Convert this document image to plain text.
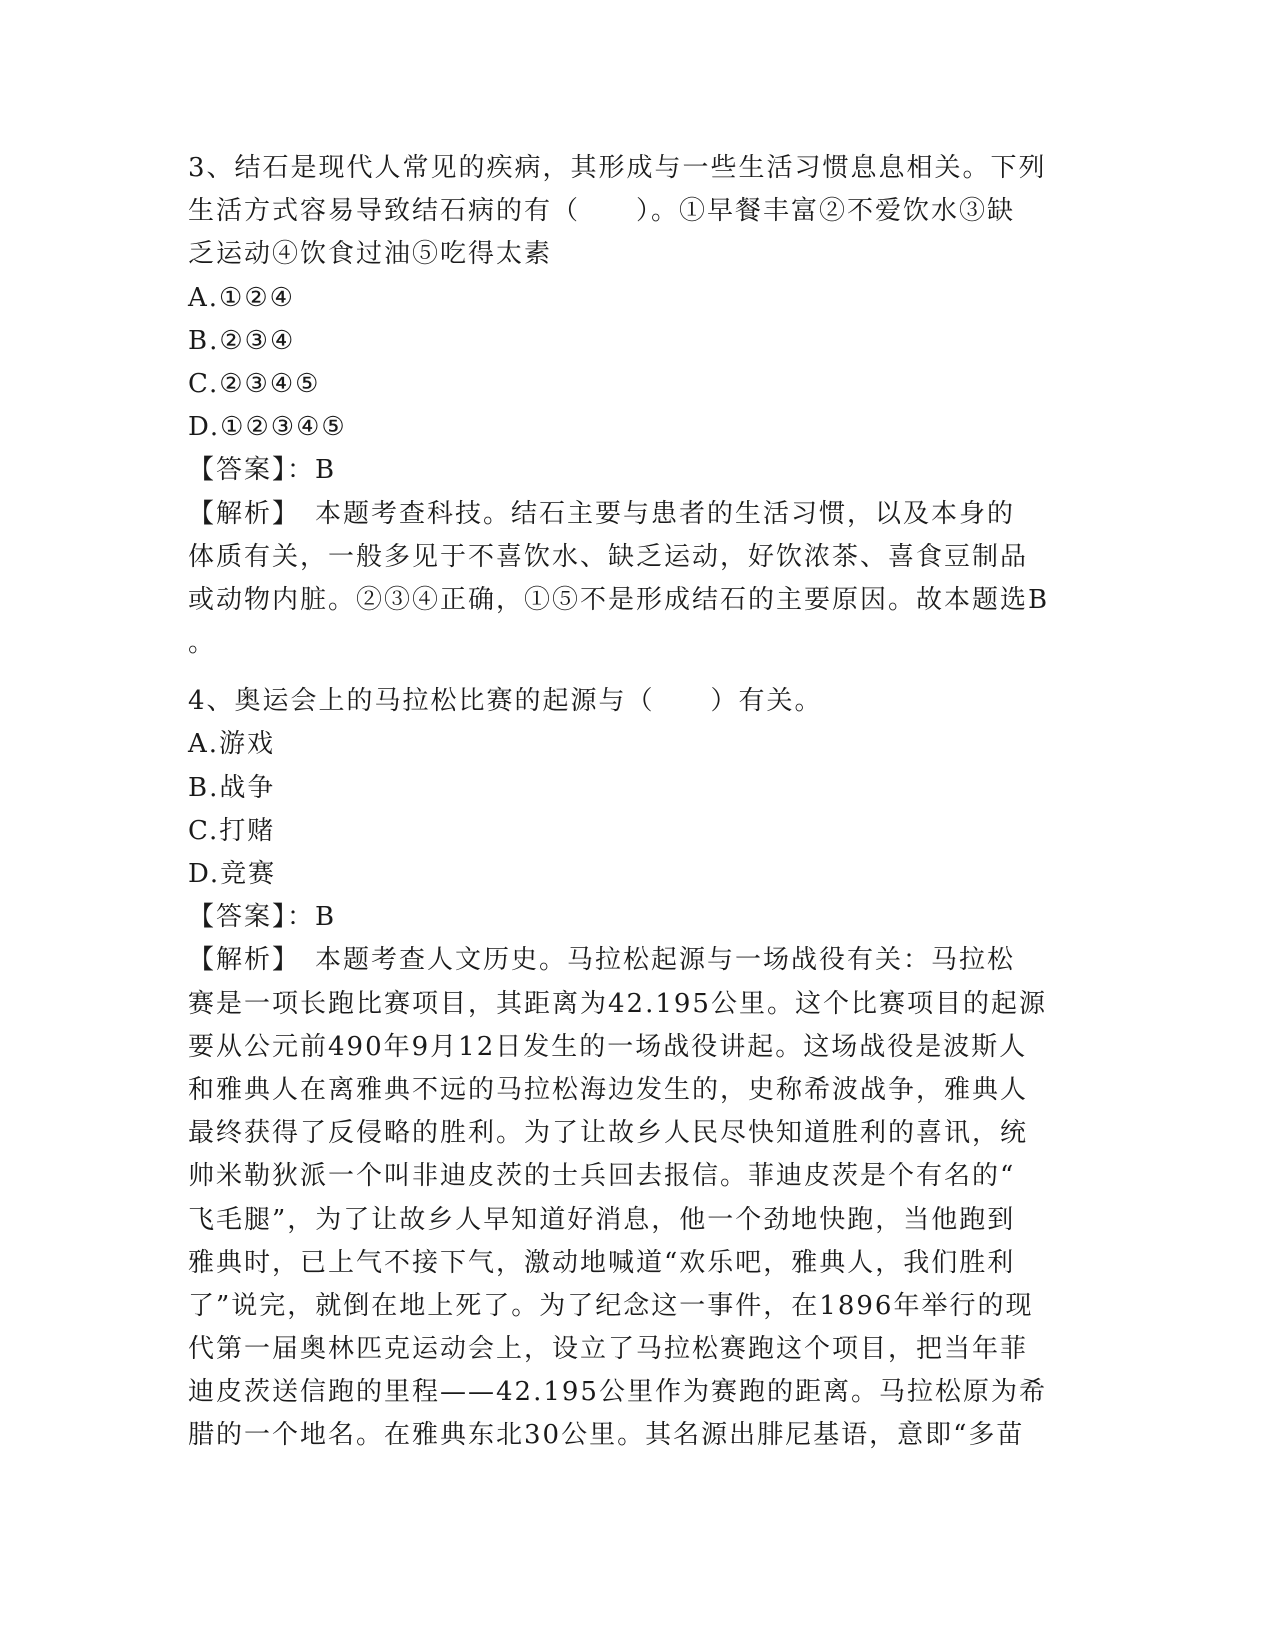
3、结石是现代人常见的疾病，其形成与一些生活习惯息息相关。下列
生活方式容易导致结石病的有（　　）。①早餐丰富②不爱饮水③缺
乏运动④饮食过油⑤吃得太素
A.①②④
B.②③④
C.②③④⑤
D.①②③④⑤
【答案】：B
【解析】　本题考查科技。结石主要与患者的生活习惯，以及本身的
体质有关，一般多见于不喜饮水、缺乏运动，好饮浓茶、喜食豆制品
或动物内脏。②③④正确，①⑤不是形成结石的主要原因。故本题选B
。
4、奥运会上的马拉松比赛的起源与（　　）有关。
A.游戏
B.战争
C.打赌
D.竞赛
【答案】：B
【解析】　本题考查人文历史。马拉松起源与一场战役有关：马拉松
赛是一项长跑比赛项目，其距离为42.195公里。这个比赛项目的起源
要从公元前490年9月12日发生的一场战役讲起。这场战役是波斯人
和雅典人在离雅典不远的马拉松海边发生的，史称希波战争，雅典人
最终获得了反侵略的胜利。为了让故乡人民尽快知道胜利的喜讯，统
帅米勒狄派一个叫非迪皮茨的士兵回去报信。菲迪皮茨是个有名的“
飞毛腿”，为了让故乡人早知道好消息，他一个劲地快跑，当他跑到
雅典时，已上气不接下气，激动地喊道“欢乐吧，雅典人，我们胜利
了”说完，就倒在地上死了。为了纪念这一事件，在1896年举行的现
代第一届奥林匹克运动会上，设立了马拉松赛跑这个项目，把当年菲
迪皮茨送信跑的里程——42.195公里作为赛跑的距离。马拉松原为希
腊的一个地名。在雅典东北30公里。其名源出腓尼基语，意即“多苗
